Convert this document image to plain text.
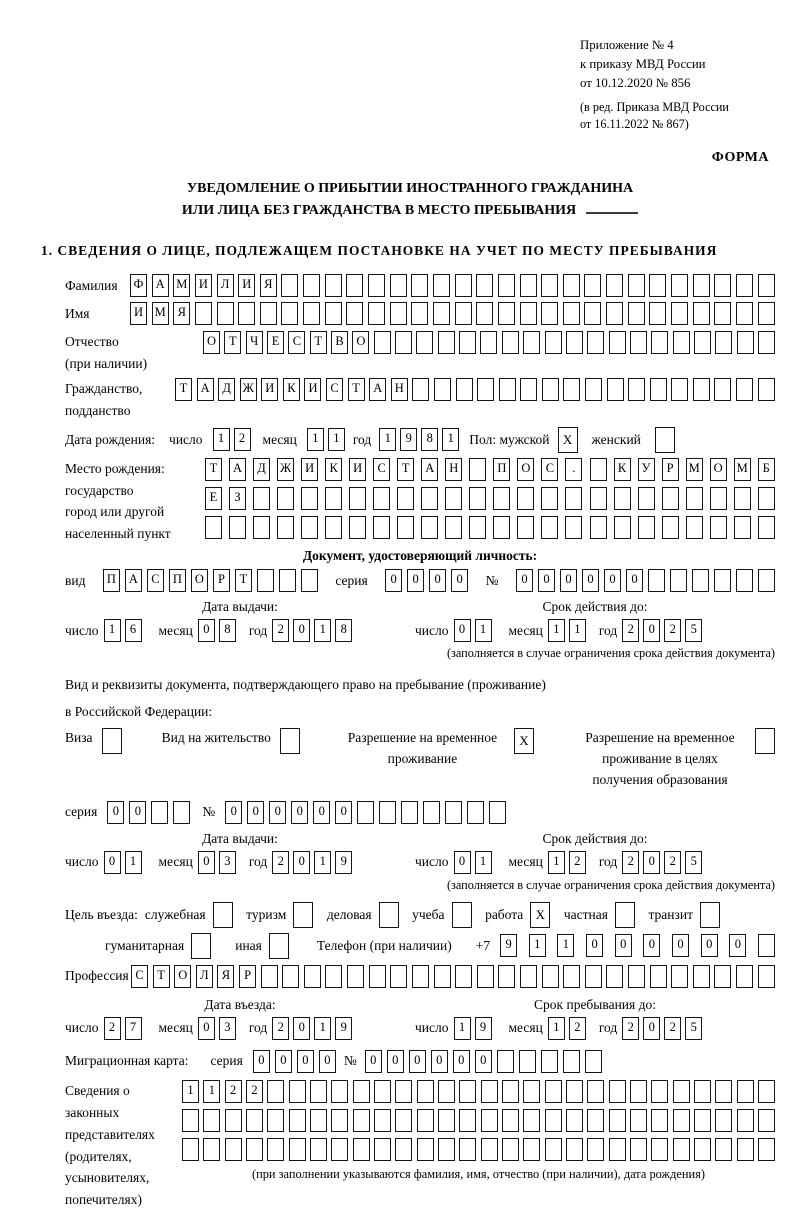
Приложение № 4
к приказу МВД России
от 10.12.2020 № 856
(в ред. Приказа МВД России
от 16.11.2022 № 867)
ФОРМА
УВЕДОМЛЕНИЕ О ПРИБЫТИИ ИНОСТРАННОГО ГРАЖДАНИНА
ИЛИ ЛИЦА БЕЗ ГРАЖДАНСТВА В МЕСТО ПРЕБЫВАНИЯ
1. СВЕДЕНИЯ О ЛИЦЕ, ПОДЛЕЖАЩЕМ ПОСТАНОВКЕ НА УЧЕТ ПО МЕСТУ ПРЕБЫВАНИЯ
Фамилия	Ф А М И	Л	И	Я
Имя	И М Я
Отчество
(при наличии)
О	Т	Ч	Е	С	Т	В	О
Гражданство,
подданство
Т	А	Д Ж И	К	И	С	Т	А	Н
Дата рождения: число	1	2	месяц	1	1 год	1	9	8	1	Пол: мужской	X	женский
Место рождения:
государство
город или другой
населенный пункт
Т	А	Д	Ж	И	К	И	С	Т	А	Н	П	О	С	.	К	У	Р	М	О	М	Б
Е	З
Документ, удостоверяющий личность:
вид	П	А	С	П	О	Р	Т	серия	0	0	0	0	№	0	0	0	0	0	0
Дата выдачи:
число 1	6	месяц 0	8	год 2	0	1	8
Срок действия до:
число 0	1	месяц 1	1	год 2	0	2	5
(заполняется в случае ограничения срока действия документа)
Вид и реквизиты документа, подтверждающего право на пребывание (проживание)
в Российской Федерации:
Виза	Вид на жительство	Разрешение на временное проживание
X	Разрешение на временное проживание в целях получения образования
серия	0	0	№	0	0	0	0	0	0
Дата выдачи:
число 0	1	месяц 0	3	год 2	0	1	9
Срок действия до:
число 0	1	месяц 1	2	год 2	0	2	5
(заполняется в случае ограничения срока действия документа)
Цель въезда: служебная	туризм	деловая	учеба	работа X	частная	транзит
гуманитарная	иная	Телефон (при наличии) +7	9	1	1	0	0	0	0	0	0
Профессия С	Т	О	Л	Я	Р
Дата въезда:
число 2	7	месяц 0	3	год 2	0	1	9
Срок пребывания до:
число 1	9	месяц 1	2	год 2	0	2	5
Миграционная карта: серия	0	0	0	0 №	0	0	0	0	0	0
Сведения о
законных
представителях
(родителях,
усыновителях,
попечителях)
1	1	2	2
(при заполнении указываются фамилия, имя, отчество (при наличии), дата рождения)
